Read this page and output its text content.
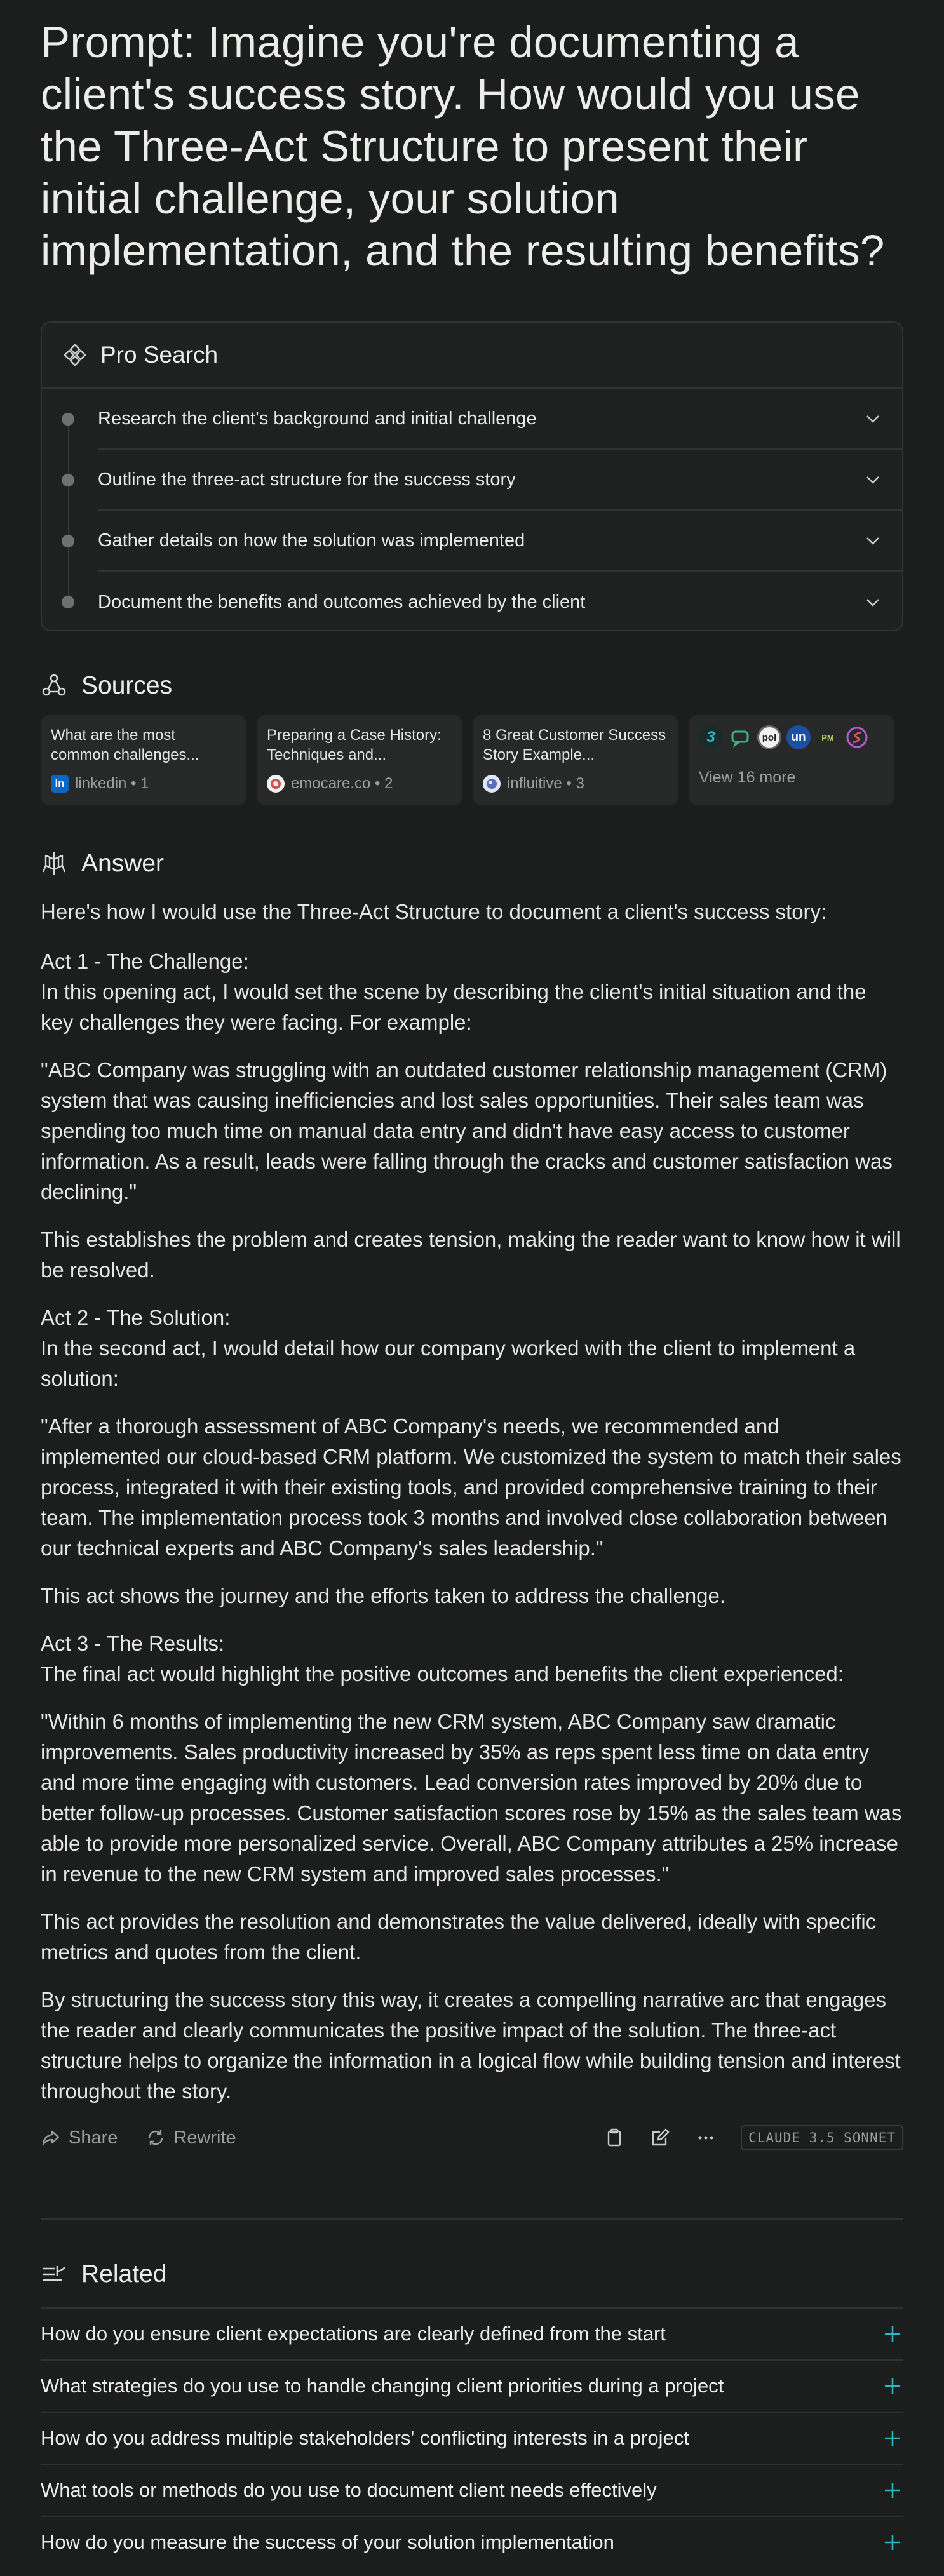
Prompt: Imagine you're documenting a client's success story. How would you use the Three-Act Structure to present their initial challenge, your solution implementation, and the resulting benefits?
Pro Search
Research the client's background and initial challenge
Outline the three-act structure for the success story
Gather details on how the solution was implemented
Document the benefits and outcomes achieved by the client
Sources
What are the most common challenges...
in linkedin • 1
Preparing a Case History: Techniques and...
emocare.co • 2
8 Great Customer Success Story Example...
influitive • 3
3	pol	un	PM
View 16 more
Answer

Here's how I would use the Three-Act Structure to document a client's success story:

Act 1 - The Challenge:
In this opening act, I would set the scene by describing the client's initial situation and the key challenges they were facing. For example:

"ABC Company was struggling with an outdated customer relationship management (CRM) system that was causing inefficiencies and lost sales opportunities. Their sales team was spending too much time on manual data entry and didn't have easy access to customer information. As a result, leads were falling through the cracks and customer satisfaction was declining."

This establishes the problem and creates tension, making the reader want to know how it will be resolved.

Act 2 - The Solution:
In the second act, I would detail how our company worked with the client to implement a solution:

"After a thorough assessment of ABC Company's needs, we recommended and implemented our cloud-based CRM platform. We customized the system to match their sales process, integrated it with their existing tools, and provided comprehensive training to their team. The implementation process took 3 months and involved close collaboration between our technical experts and ABC Company's sales leadership."

This act shows the journey and the efforts taken to address the challenge.

Act 3 - The Results:
The final act would highlight the positive outcomes and benefits the client experienced:

"Within 6 months of implementing the new CRM system, ABC Company saw dramatic improvements. Sales productivity increased by 35% as reps spent less time on data entry and more time engaging with customers. Lead conversion rates improved by 20% due to better follow-up processes. Customer satisfaction scores rose by 15% as the sales team was able to provide more personalized service. Overall, ABC Company attributes a 25% increase in revenue to the new CRM system and improved sales processes."

This act provides the resolution and demonstrates the value delivered, ideally with specific metrics and quotes from the client.

By structuring the success story this way, it creates a compelling narrative arc that engages the reader and clearly communicates the positive impact of the solution. The three-act structure helps to organize the information in a logical flow while building tension and interest throughout the story.

Share	Rewrite	CLAUDE 3.5 SONNET
Related
How do you ensure client expectations are clearly defined from the start
What strategies do you use to handle changing client priorities during a project
How do you address multiple stakeholders' conflicting interests in a project
What tools or methods do you use to document client needs effectively
How do you measure the success of your solution implementation
